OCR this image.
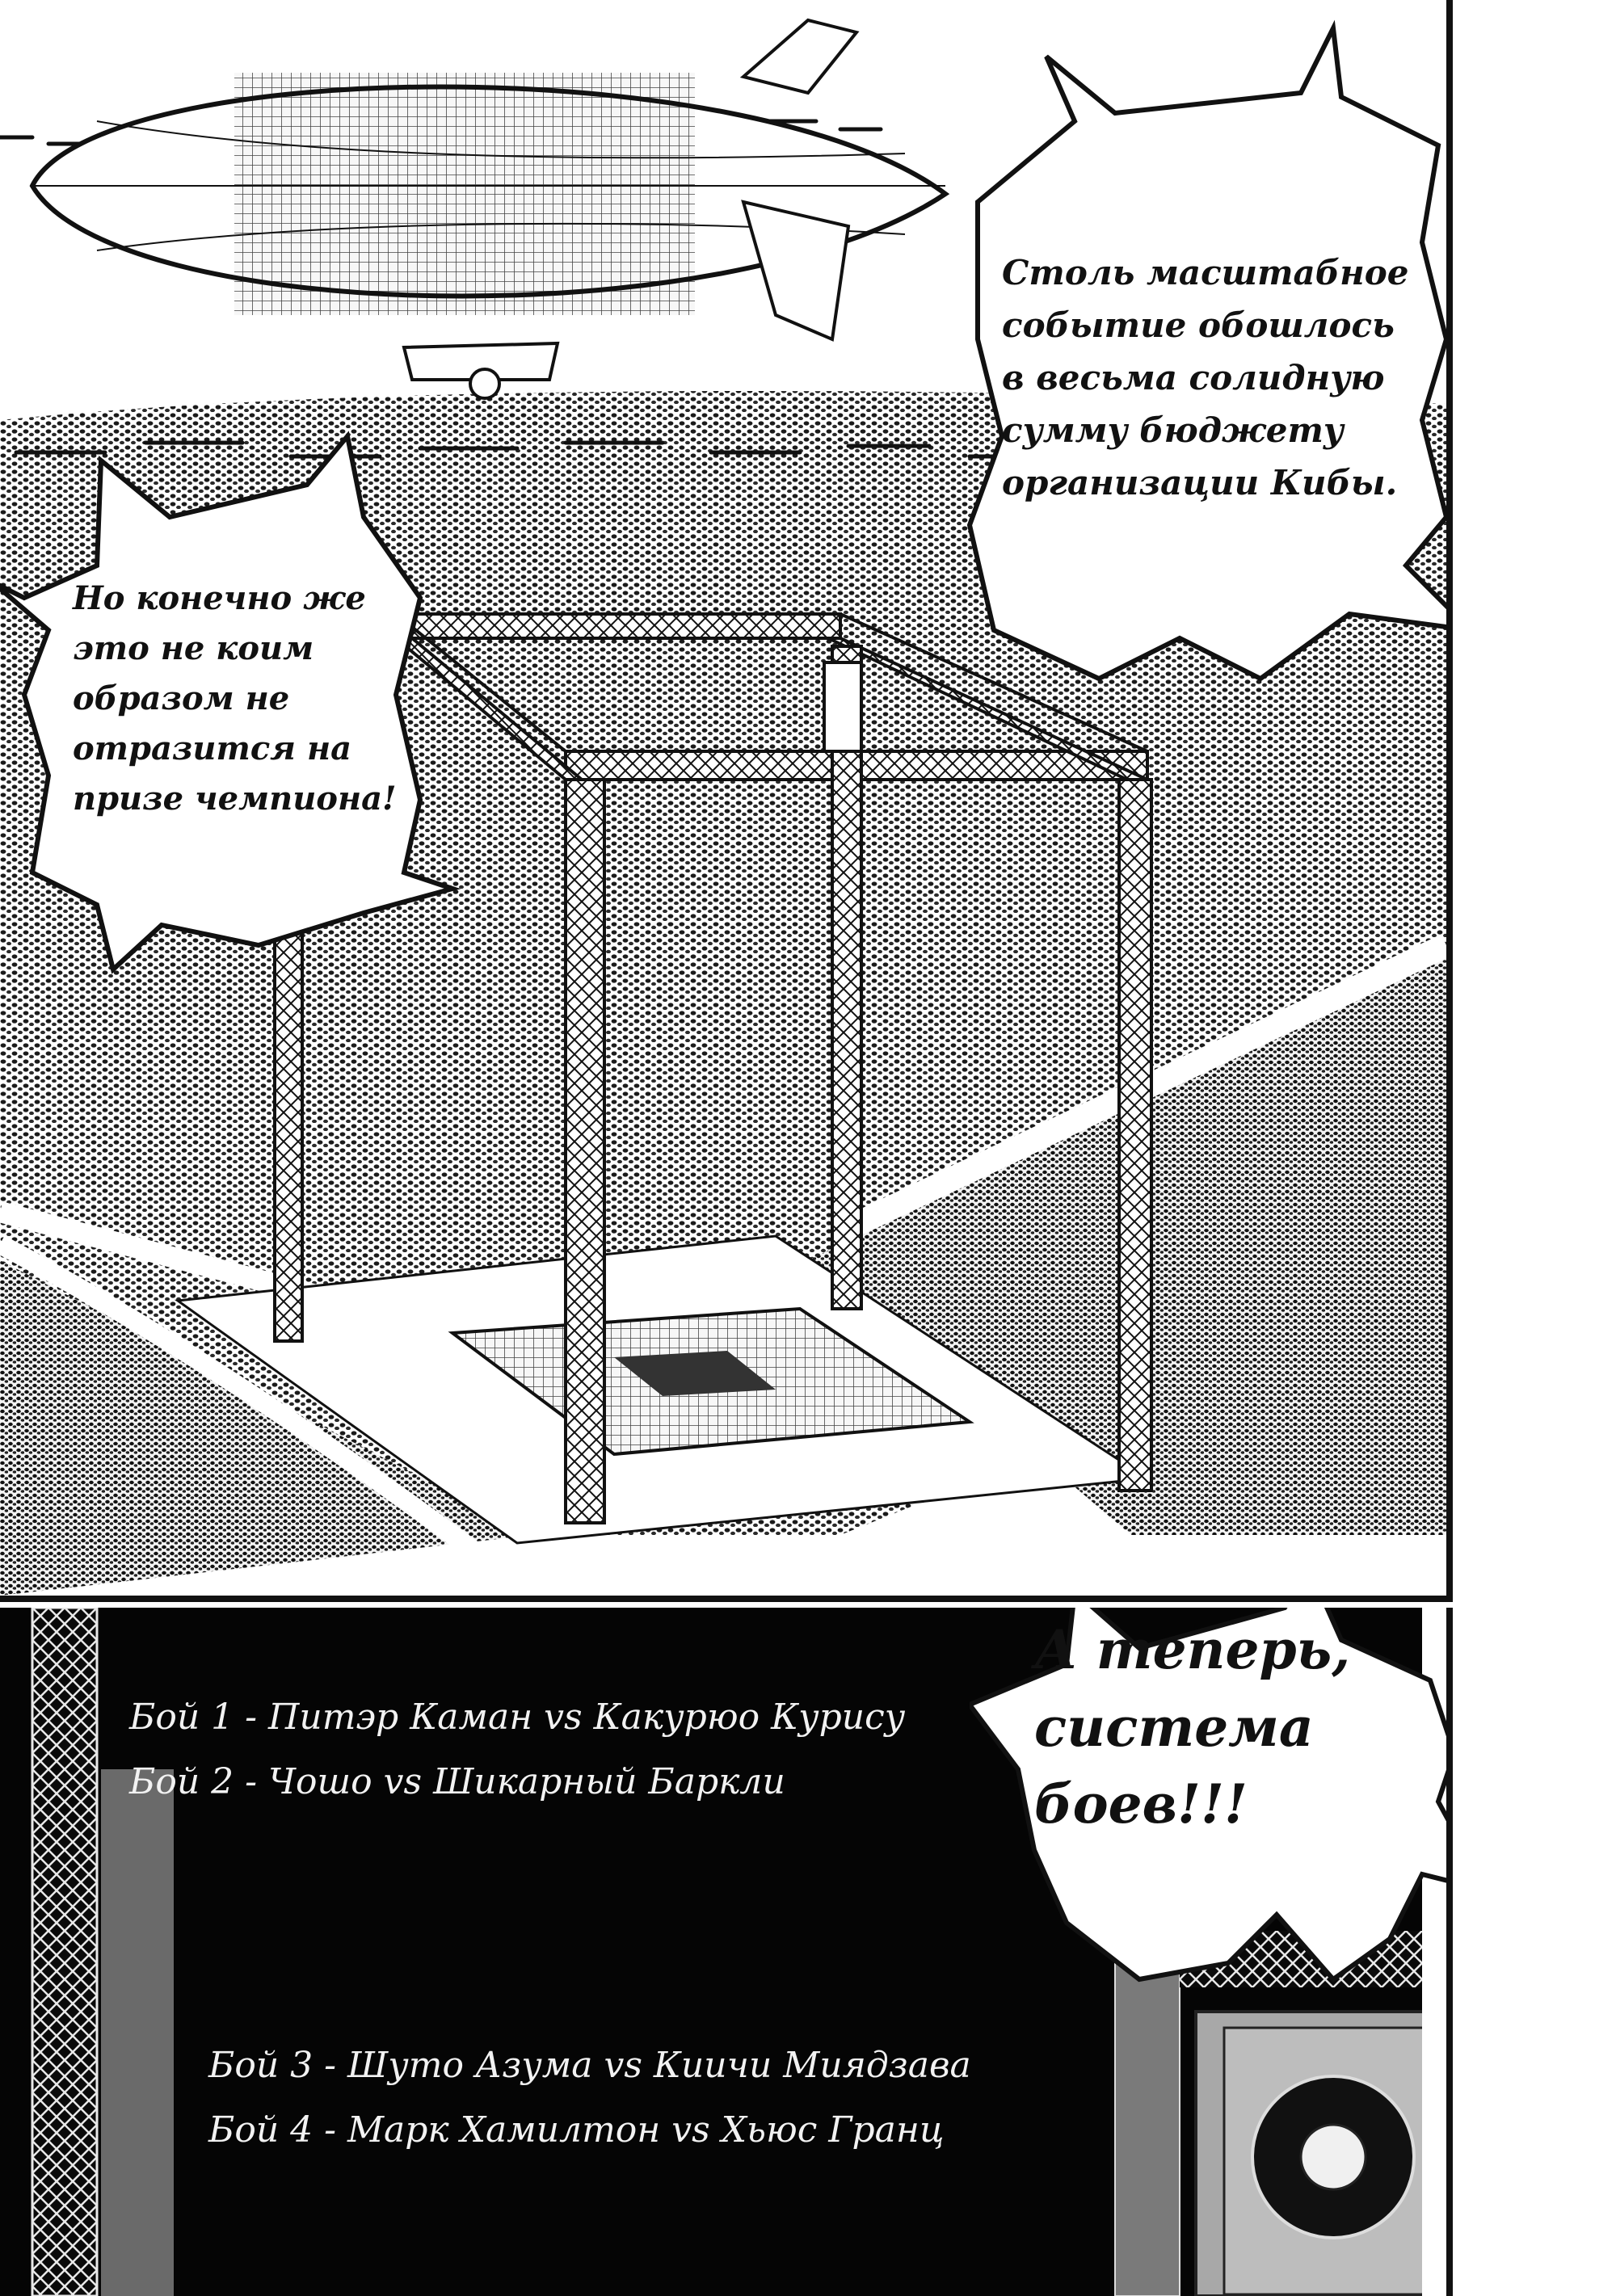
Столь масштабное
событие обошлось
в весьма солидную
сумму бюджету
организации Кибы.
Но конечно же
это не коим
образом не
отразится на
призе чемпиона!
Бой 1 - Питэр Каман vs Какурюо Курису
Бой 2 - Чошо vs Шикарный Баркли
Бой 3 - Шуто Азума vs Киичи Миядзава
Бой 4 - Марк Хамилтон vs Хьюс Гранц
А теперь,
система
боев!!!
